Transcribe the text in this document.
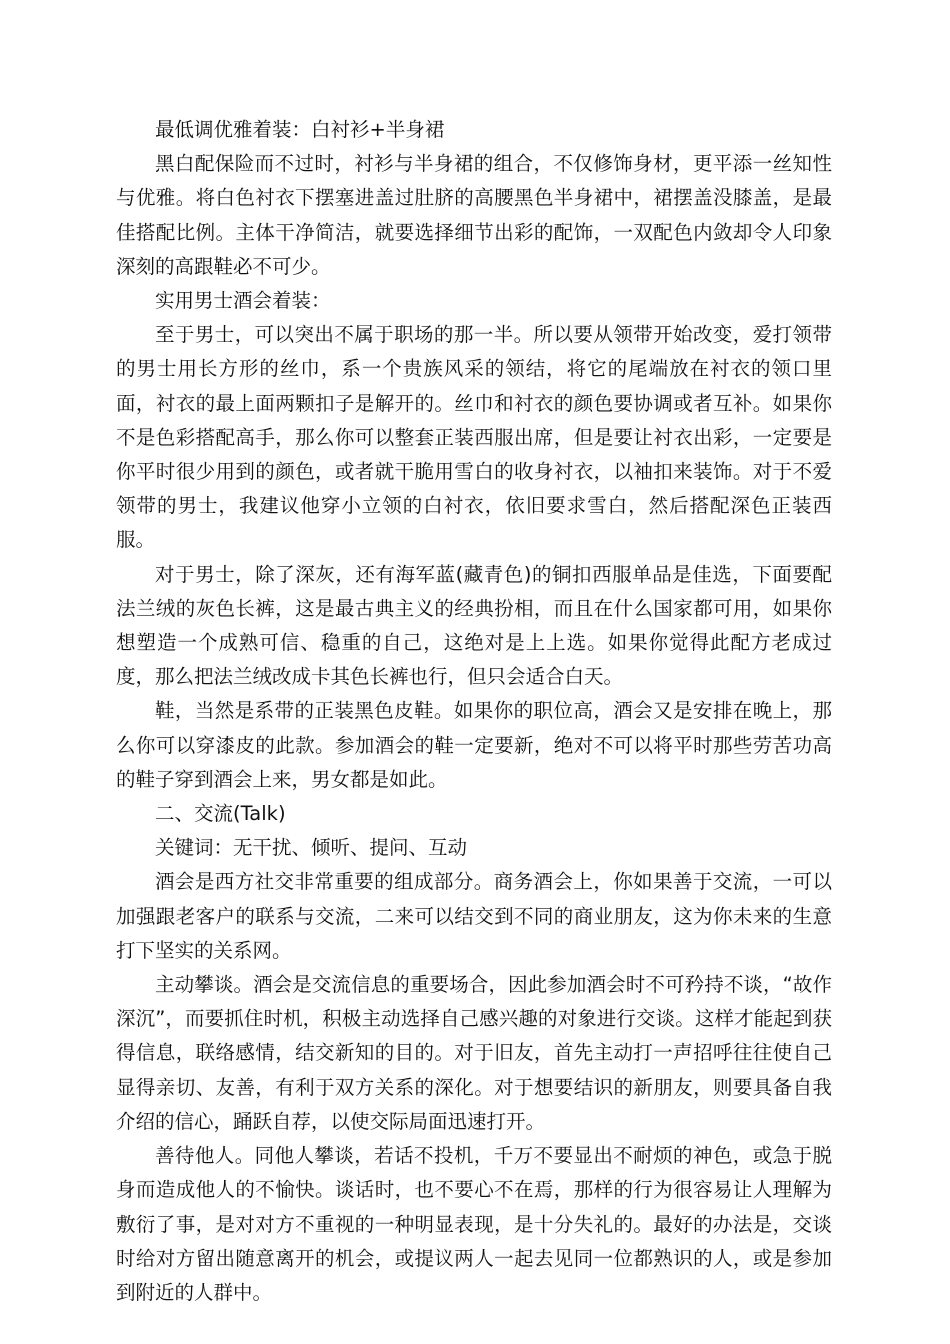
最低调优雅着装：白衬衫+半身裙

黑白配保险而不过时，衬衫与半身裙的组合，不仅修饰身材，更平添一丝知性与优雅。将白色衬衣下摆塞进盖过肚脐的高腰黑色半身裙中，裙摆盖没膝盖，是最佳搭配比例。主体干净简洁，就要选择细节出彩的配饰，一双配色内敛却令人印象深刻的高跟鞋必不可少。

实用男士酒会着装：

至于男士，可以突出不属于职场的那一半。所以要从领带开始改变，爱打领带的男士用长方形的丝巾，系一个贵族风采的领结，将它的尾端放在衬衣的领口里面，衬衣的最上面两颗扣子是解开的。丝巾和衬衣的颜色要协调或者互补。如果你不是色彩搭配高手，那么你可以整套正装西服出席，但是要让衬衣出彩，一定要是你平时很少用到的颜色，或者就干脆用雪白的收身衬衣，以袖扣来装饰。对于不爱领带的男士，我建议他穿小立领的白衬衣，依旧要求雪白，然后搭配深色正装西服。

对于男士，除了深灰，还有海军蓝(藏青色)的铜扣西服单品是佳选，下面要配法兰绒的灰色长裤，这是最古典主义的经典扮相，而且在什么国家都可用，如果你想塑造一个成熟可信、稳重的自己，这绝对是上上选。如果你觉得此配方老成过度，那么把法兰绒改成卡其色长裤也行，但只会适合白天。

鞋，当然是系带的正装黑色皮鞋。如果你的职位高，酒会又是安排在晚上，那么你可以穿漆皮的此款。参加酒会的鞋一定要新，绝对不可以将平时那些劳苦功高的鞋子穿到酒会上来，男女都是如此。

二、交流(Talk)

关键词：无干扰、倾听、提问、互动

酒会是西方社交非常重要的组成部分。商务酒会上，你如果善于交流，一可以加强跟老客户的联系与交流，二来可以结交到不同的商业朋友，这为你未来的生意打下坚实的关系网。

主动攀谈。酒会是交流信息的重要场合，因此参加酒会时不可矜持不谈，“故作深沉”，而要抓住时机，积极主动选择自己感兴趣的对象进行交谈。这样才能起到获得信息，联络感情，结交新知的目的。对于旧友，首先主动打一声招呼往往使自己显得亲切、友善，有利于双方关系的深化。对于想要结识的新朋友，则要具备自我介绍的信心，踊跃自荐，以使交际局面迅速打开。

善待他人。同他人攀谈，若话不投机，千万不要显出不耐烦的神色，或急于脱身而造成他人的不愉快。谈话时，也不要心不在焉，那样的行为很容易让人理解为敷衍了事，是对对方不重视的一种明显表现，是十分失礼的。最好的办法是，交谈时给对方留出随意离开的机会，或提议两人一起去见同一位都熟识的人，或是参加到附近的人群中。
